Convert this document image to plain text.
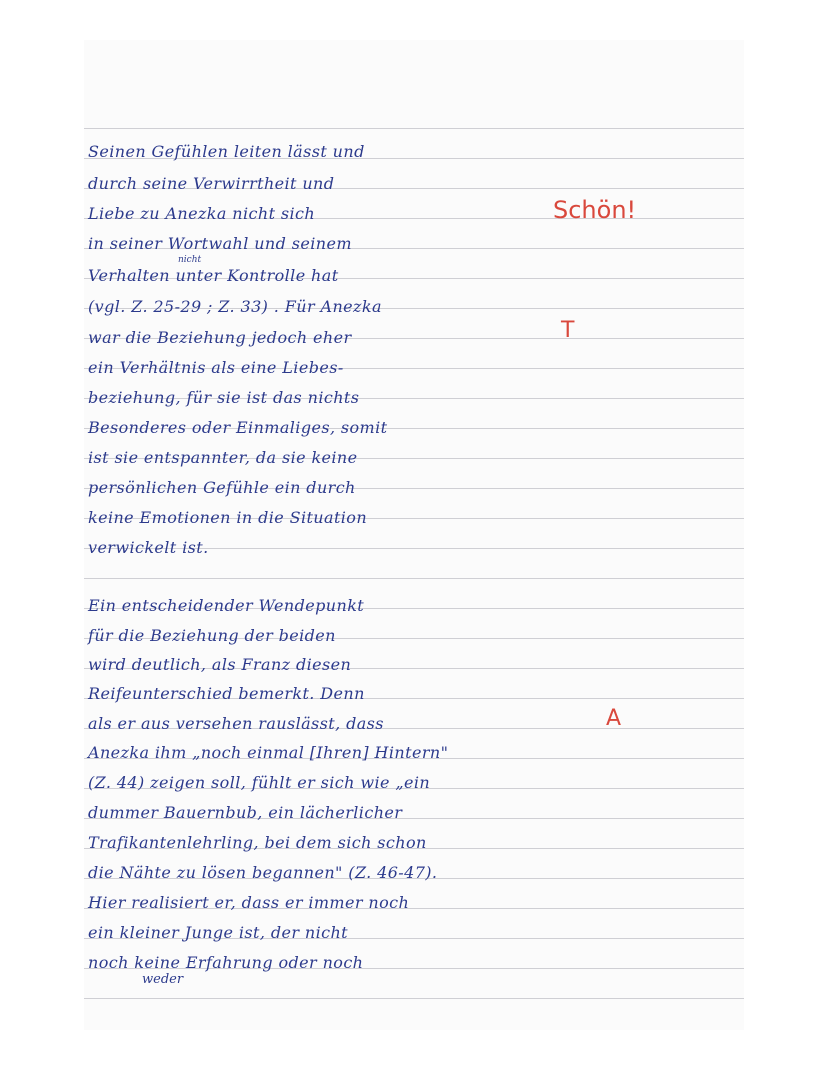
Seinen Gefühlen leiten lässt und
durch seine Verwirrtheit und
Liebe zu Anezka nicht sich
in seiner Wortwahl und seinem
Verhalten unter Kontrolle hat
(vgl. Z. 25-29 ; Z. 33) . Für Anezka
war die Beziehung jedoch eher
ein Verhältnis als eine Liebes-
beziehung, für sie ist das nichts
Besonderes oder Einmaliges, somit
ist sie entspannter, da sie keine
persönlichen Gefühle ein durch
keine Emotionen in die Situation
verwickelt ist.
Ein entscheidender Wendepunkt
für die Beziehung der beiden
wird deutlich, als Franz diesen
Reifeunterschied bemerkt. Denn
als er aus versehen rauslässt, dass
Anezka ihm „noch einmal [Ihren] Hintern"
(Z. 44) zeigen soll, fühlt er sich wie „ein
dummer Bauernbub, ein lächerlicher
Trafikantenlehrling, bei dem sich schon
die Nähte zu lösen begannen" (Z. 46-47).
Hier realisiert er, dass er immer noch
ein kleiner Junge ist, der nicht
noch keine Erfahrung oder noch
nicht
weder
Schön!
T
A
